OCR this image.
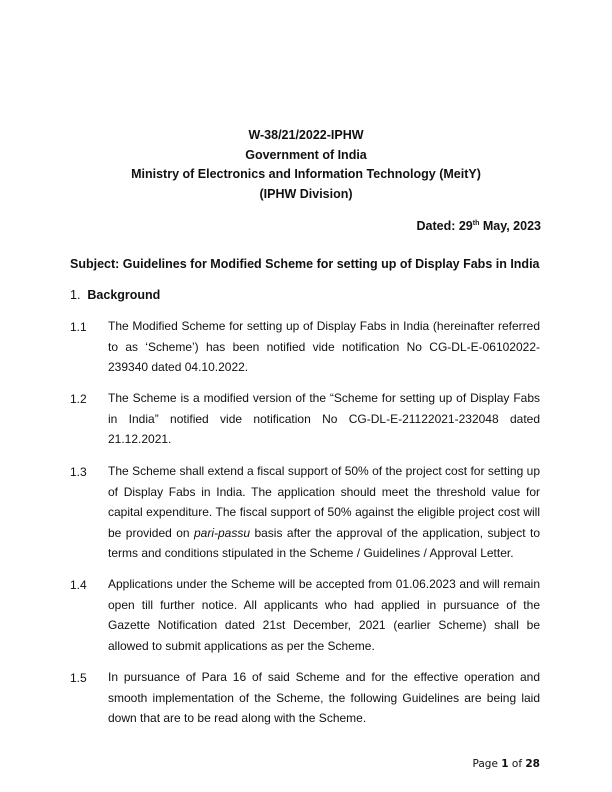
W-38/21/2022-IPHW
Government of India
Ministry of Electronics and Information Technology (MeitY)
(IPHW Division)
Dated: 29th May, 2023
Subject: Guidelines for Modified Scheme for setting up of Display Fabs in India
1. Background
1.1 The Modified Scheme for setting up of Display Fabs in India (hereinafter referred to as ‘Scheme’) has been notified vide notification No CG-DL-E-06102022-239340 dated 04.10.2022.
1.2 The Scheme is a modified version of the “Scheme for setting up of Display Fabs in India” notified vide notification No CG-DL-E-21122021-232048 dated 21.12.2021.
1.3 The Scheme shall extend a fiscal support of 50% of the project cost for setting up of Display Fabs in India. The application should meet the threshold value for capital expenditure. The fiscal support of 50% against the eligible project cost will be provided on pari-passu basis after the approval of the application, subject to terms and conditions stipulated in the Scheme / Guidelines / Approval Letter.
1.4 Applications under the Scheme will be accepted from 01.06.2023 and will remain open till further notice. All applicants who had applied in pursuance of the Gazette Notification dated 21st December, 2021 (earlier Scheme) shall be allowed to submit applications as per the Scheme.
1.5 In pursuance of Para 16 of said Scheme and for the effective operation and smooth implementation of the Scheme, the following Guidelines are being laid down that are to be read along with the Scheme.
Page 1 of 28
